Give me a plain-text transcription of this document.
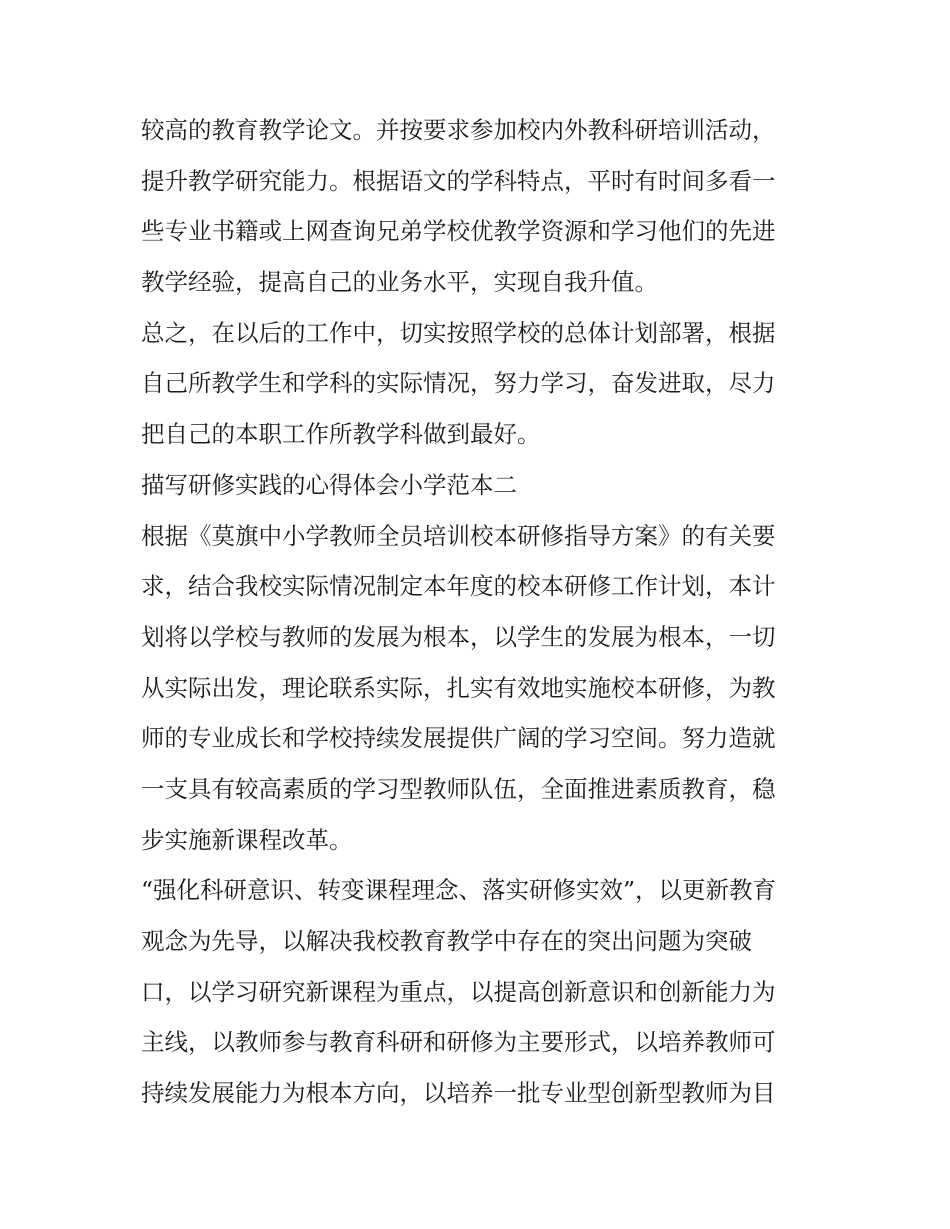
较高的教育教学论文。并按要求参加校内外教科研培训活动，
提升教学研究能力。根据语文的学科特点，平时有时间多看一
些专业书籍或上网查询兄弟学校优教学资源和学习他们的先进
教学经验，提高自己的业务水平，实现自我升值。
总之，在以后的工作中，切实按照学校的总体计划部署，根据
自己所教学生和学科的实际情况，努力学习，奋发进取，尽力
把自己的本职工作所教学科做到最好。
描写研修实践的心得体会小学范本二
根据《莫旗中小学教师全员培训校本研修指导方案》的有关要
求，结合我校实际情况制定本年度的校本研修工作计划，本计
划将以学校与教师的发展为根本，以学生的发展为根本，一切
从实际出发，理论联系实际，扎实有效地实施校本研修，为教
师的专业成长和学校持续发展提供广阔的学习空间。努力造就
一支具有较高素质的学习型教师队伍，全面推进素质教育，稳
步实施新课程改革。
“强化科研意识、转变课程理念、落实研修实效”，以更新教育
观念为先导，以解决我校教育教学中存在的突出问题为突破
口，以学习研究新课程为重点，以提高创新意识和创新能力为
主线，以教师参与教育科研和研修为主要形式，以培养教师可
持续发展能力为根本方向，以培养一批专业型创新型教师为目
